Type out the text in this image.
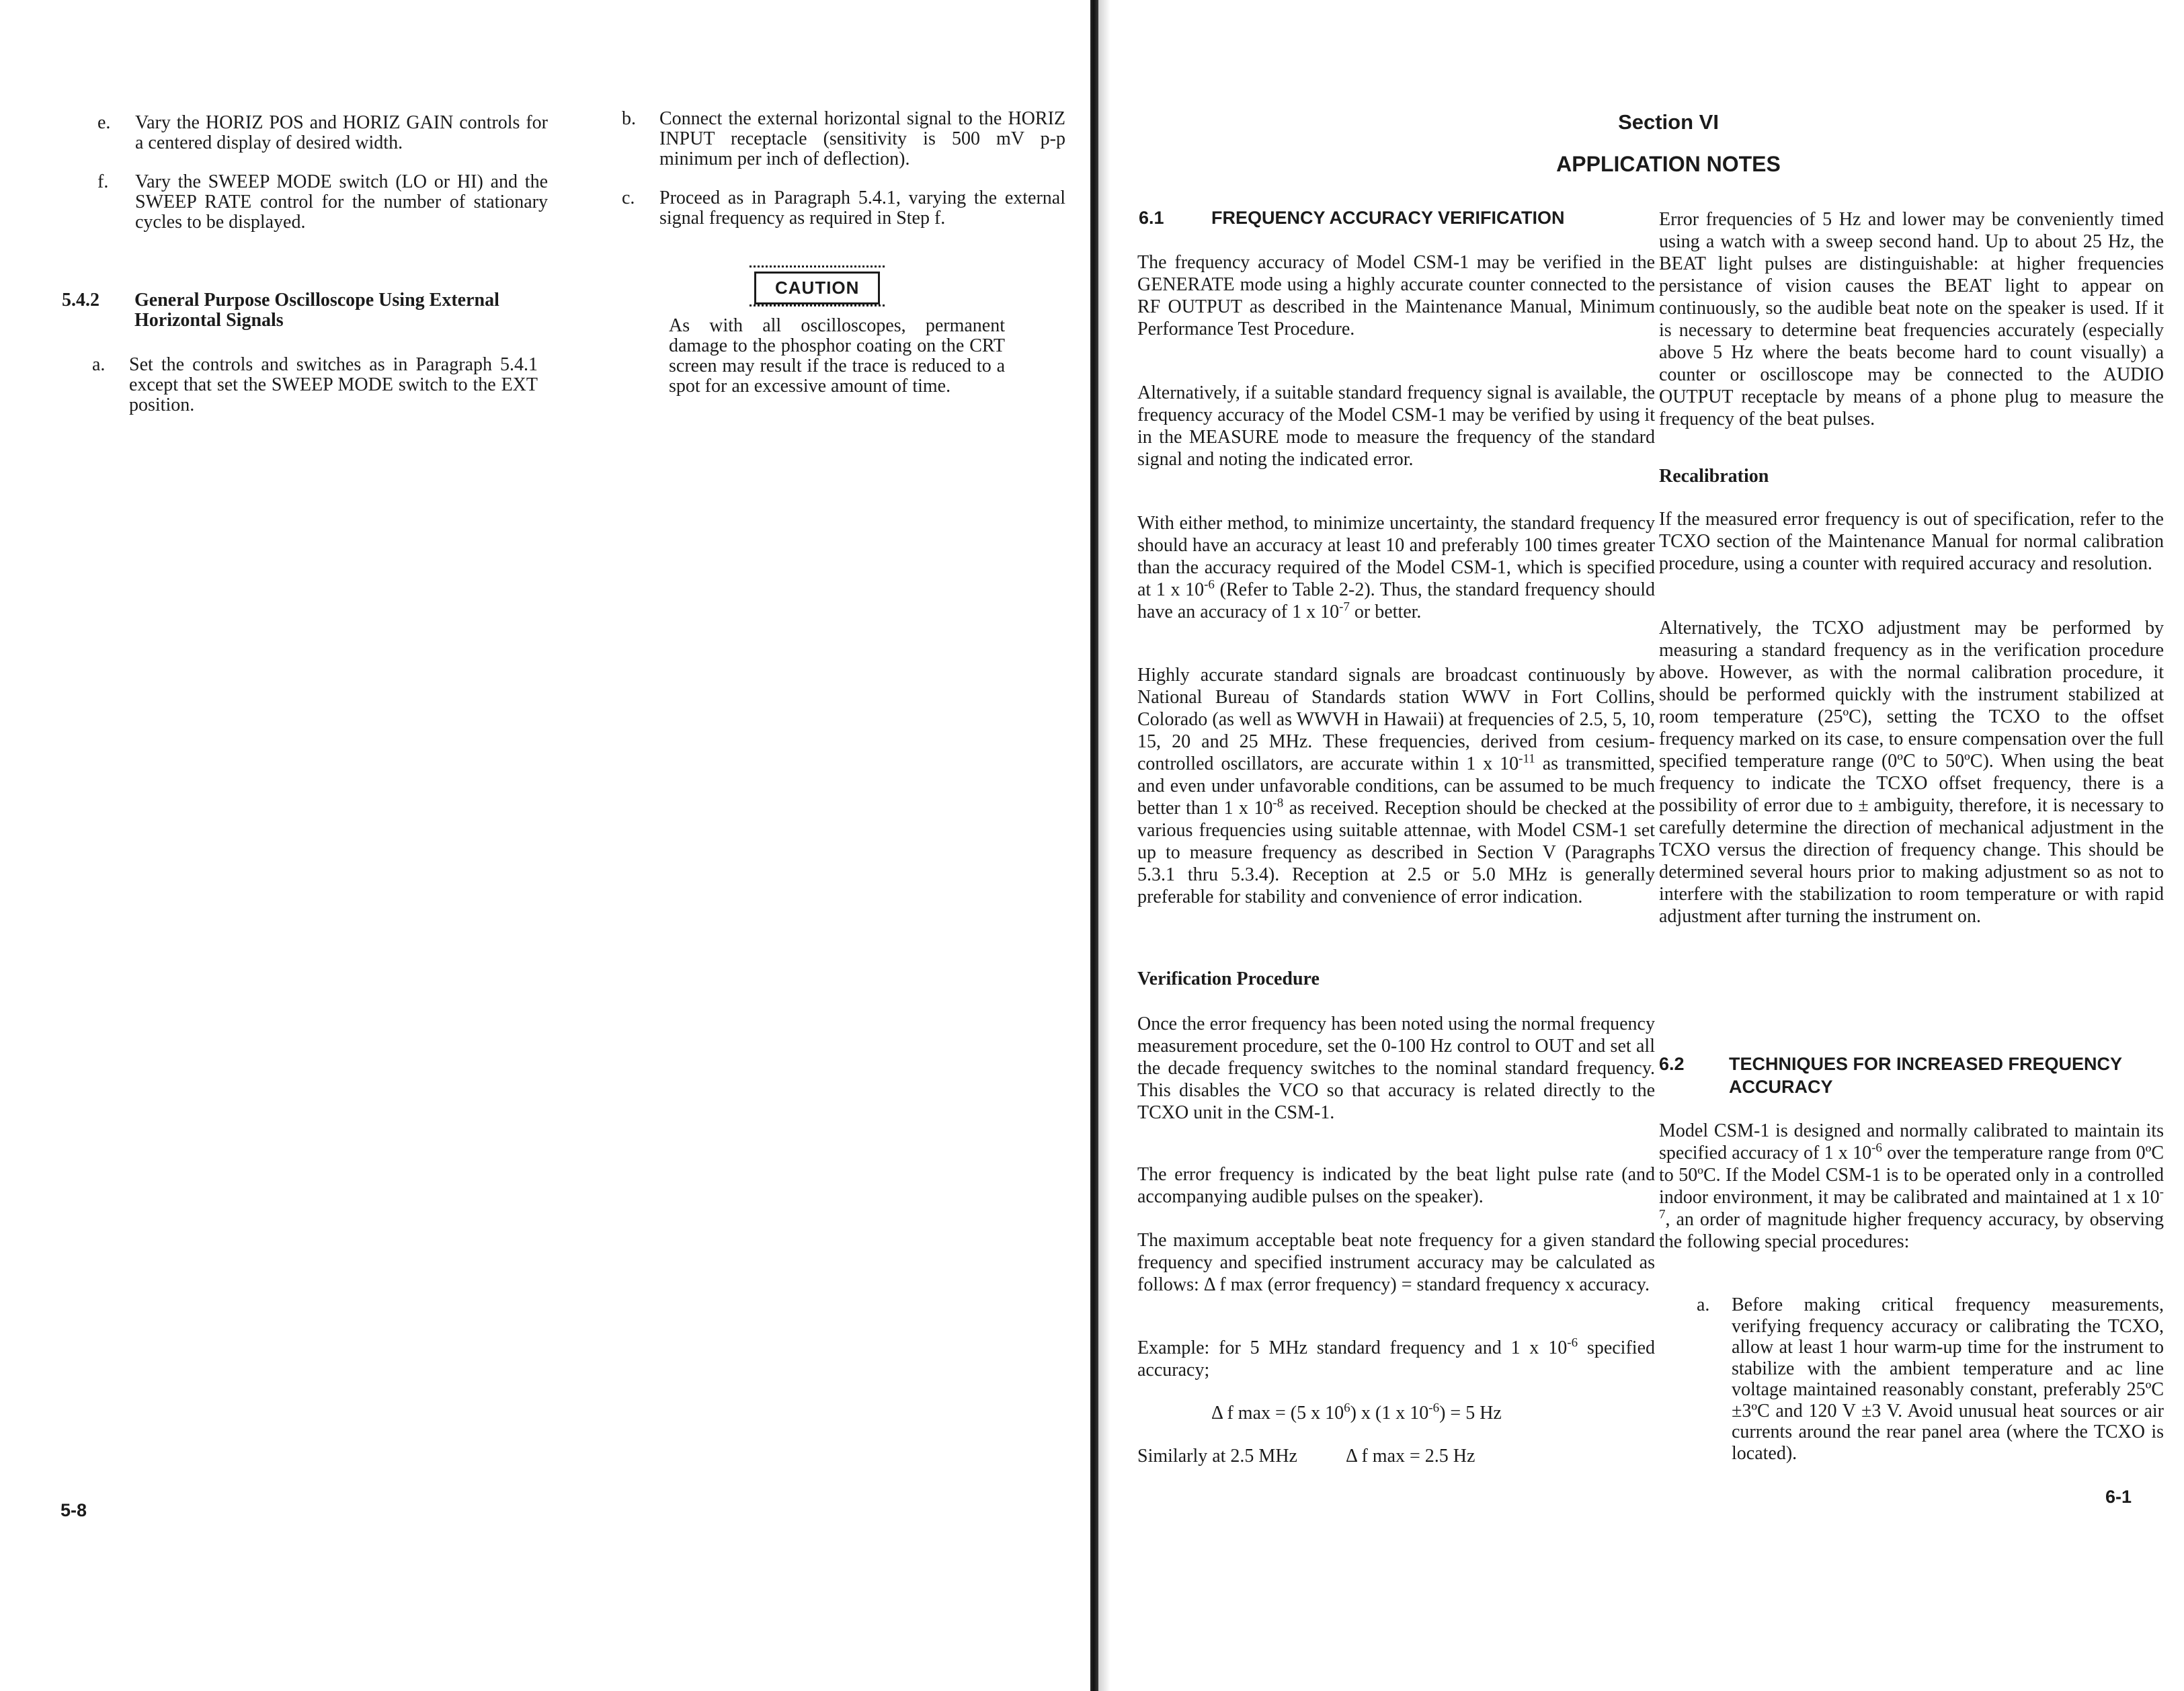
e. Vary the HORIZ POS and HORIZ GAIN controls for a centered display of desired width.
f. Vary the SWEEP MODE switch (LO or HI) and the SWEEP RATE control for the number of stationary cycles to be displayed.
5.4.2 General Purpose Oscilloscope Using External Horizontal Signals
a. Set the controls and switches as in Paragraph 5.4.1 except that set the SWEEP MODE switch to the EXT position.
b. Connect the external horizontal signal to the HORIZ INPUT receptacle (sensitivity is 500 mV p-p minimum per inch of deflection).
c. Proceed as in Paragraph 5.4.1, varying the external signal frequency as required in Step f.
CAUTION
As with all oscilloscopes, permanent damage to the phosphor coating on the CRT screen may result if the trace is reduced to a spot for an excessive amount of time.
5-8
Section VI
APPLICATION NOTES
6.1	FREQUENCY ACCURACY VERIFICATION
The frequency accuracy of Model CSM-1 may be verified in the GENERATE mode using a highly accurate counter connected to the RF OUTPUT as described in the Maintenance Manual, Minimum Performance Test Procedure.
Alternatively, if a suitable standard frequency signal is available, the frequency accuracy of the Model CSM-1 may be verified by using it in the MEASURE mode to measure the frequency of the standard signal and noting the indicated error.
With either method, to minimize uncertainty, the standard frequency should have an accuracy at least 10 and preferably 100 times greater than the accuracy required of the Model CSM-1, which is specified at 1 x $10^{-6}$ (Refer to Table 2-2). Thus, the standard frequency should have an accuracy of 1 x $10^{-7}$ or better.
Highly accurate standard signals are broadcast continuously by National Bureau of Standards station WWV in Fort Collins, Colorado (as well as WWVH in Hawaii) at frequencies of 2.5, 5, 10, 15, 20 and 25 MHz. These frequencies, derived from cesium-controlled oscillators, are accurate within 1 x $10^{-11}$ as transmitted, and even under unfavorable conditions, can be assumed to be much better than 1 x $10^{-8}$ as received. Reception should be checked at the various frequencies using suitable attennae, with Model CSM-1 set up to measure frequency as described in Section V (Paragraphs 5.3.1 thru 5.3.4). Reception at 2.5 or 5.0 MHz is generally preferable for stability and convenience of error indication.
Verification Procedure
Once the error frequency has been noted using the normal frequency measurement procedure, set the 0-100 Hz control to OUT and set all the decade frequency switches to the nominal standard frequency. This disables the VCO so that accuracy is related directly to the TCXO unit in the CSM-1.
The error frequency is indicated by the beat light pulse rate (and accompanying audible pulses on the speaker).
The maximum acceptable beat note frequency for a given standard frequency and specified instrument accuracy may be calculated as follows: Δ f max (error frequency) = standard frequency x accuracy.
Example: for 5 MHz standard frequency and 1 x $10^{-6}$ specified accuracy;
Δ f max = (5 x $10^6$) x (1 x $10^{-6}) = 5$ Hz
Similarly at 2.5 MHz	Δ f max = 2.5 Hz
Error frequencies of 5 Hz and lower may be conveniently timed using a watch with a sweep second hand. Up to about 25 Hz, the BEAT light pulses are distinguishable: at higher frequencies persistance of vision causes the BEAT light to appear on continuously, so the audible beat note on the speaker is used. If it is necessary to determine beat frequencies accurately (especially above 5 Hz where the beats become hard to count visually) a counter or oscilloscope may be connected to the AUDIO OUTPUT receptacle by means of a phone plug to measure the frequency of the beat pulses.
Recalibration
If the measured error frequency is out of specification, refer to the TCXO section of the Maintenance Manual for normal calibration procedure, using a counter with required accuracy and resolution.
Alternatively, the TCXO adjustment may be performed by measuring a standard frequency as in the verification procedure above. However, as with the normal calibration procedure, it should be performed quickly with the instrument stabilized at room temperature (25ºC), setting the TCXO to the offset frequency marked on its case, to ensure compensation over the full specified temperature range (0ºC to 50ºC). When using the beat frequency to indicate the TCXO offset frequency, there is a possibility of error due to ± ambiguity, therefore, it is necessary to carefully determine the direction of mechanical adjustment in the TCXO versus the direction of frequency change. This should be determined several hours prior to making adjustment so as not to interfere with the stabilization to room temperature or with rapid adjustment after turning the instrument on.
6.2 TECHNIQUES FOR INCREASED FREQUENCY ACCURACY
Model CSM-1 is designed and normally calibrated to maintain its specified accuracy of 1 x $10^{-6}$ over the temperature range from 0ºC to 50ºC. If the Model CSM-1 is to be operated only in a controlled indoor environment, it may be calibrated and maintained at 1 x $10^{-7}$, an order of magnitude higher frequency accuracy, by observing the following special procedures:
a. Before making critical frequency measurements, verifying frequency accuracy or calibrating the TCXO, allow at least 1 hour warm-up time for the instrument to stabilize with the ambient temperature and ac line voltage maintained reasonably constant, preferably 25ºC ±3ºC and 120 V ±3 V. Avoid unusual heat sources or air currents around the rear panel area (where the TCXO is located).
6-1
